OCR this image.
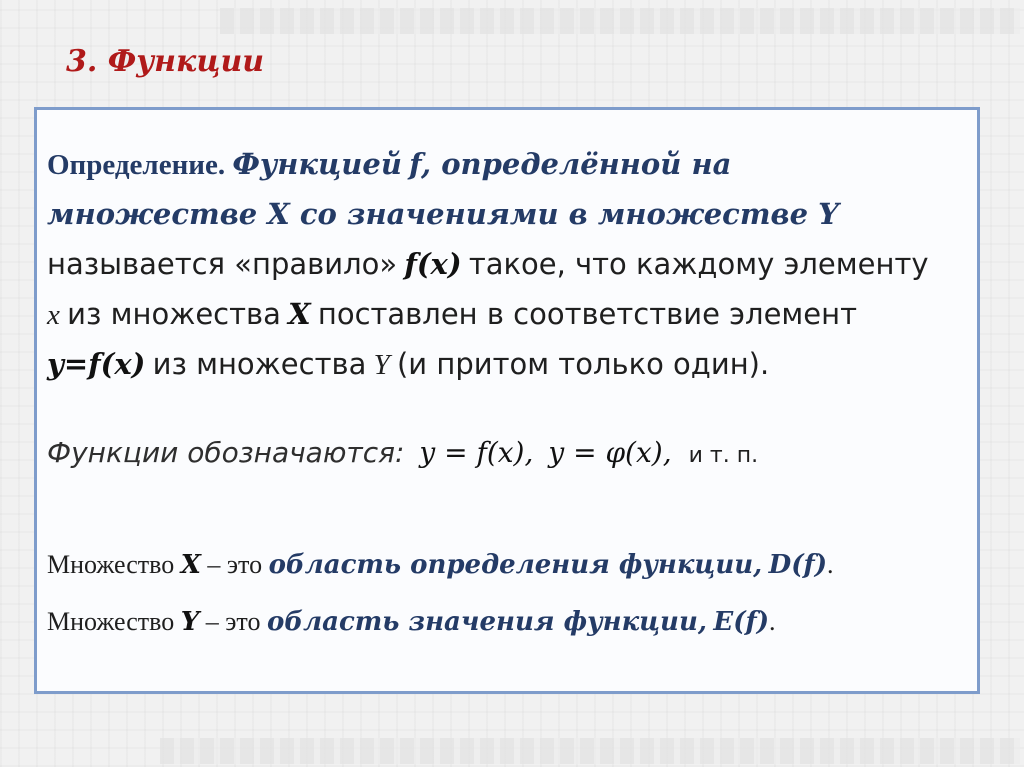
3. Функции

Определение. Функцией f, определённой на
множестве X со значениями в множестве Y
называется «правило» f(x) такое, что каждому элементу
x из множества X поставлен в соответствие элемент
y=f(x) из множества Y (и притом только один).

Функции обозначаются: y = f(x), y = φ(x), и т. п.

Множество X – это область определения функции, D(f).

Множество Y – это область значения функции, E(f).
